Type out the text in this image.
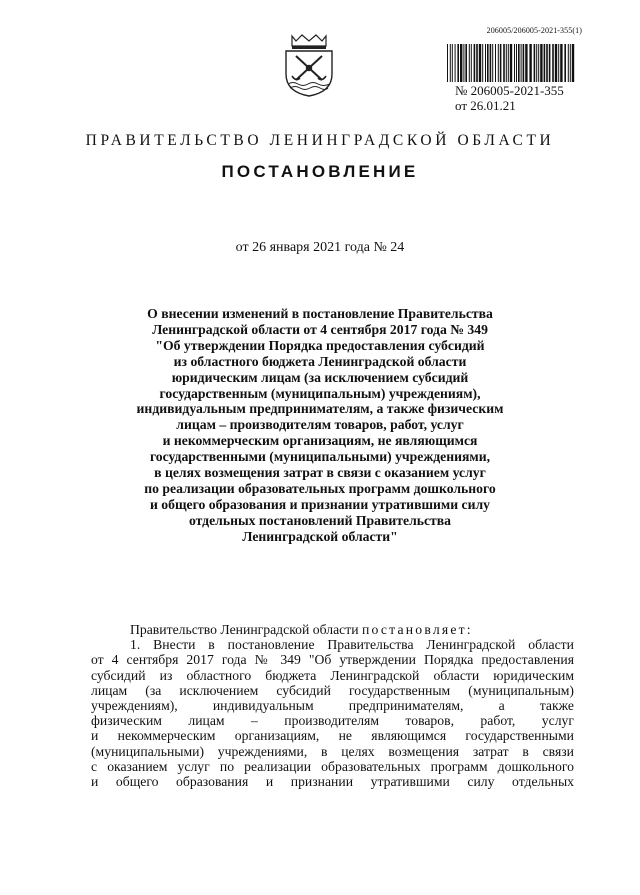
206005/206005-2021-355(1)
№ 206005-2021-355
от 26.01.21
ПРАВИТЕЛЬСТВО ЛЕНИНГРАДСКОЙ ОБЛАСТИ
ПОСТАНОВЛЕНИЕ
от 26 января 2021 года № 24
О внесении изменений в постановление Правительства
Ленинградской области от 4 сентября 2017 года № 349
"Об утверждении Порядка предоставления субсидий
из областного бюджета Ленинградской области
юридическим лицам (за исключением субсидий
государственным (муниципальным) учреждениям),
индивидуальным предпринимателям, а также физическим
лицам – производителям товаров, работ, услуг
и некоммерческим организациям, не являющимся
государственными (муниципальными) учреждениями,
в целях возмещения затрат в связи с оказанием услуг
по реализации образовательных программ дошкольного
и общего образования и признании утратившими силу
отдельных постановлений Правительства
Ленинградской области"
Правительство Ленинградской области постановляет:
1. Внести в постановление Правительства Ленинградской области
от 4 сентября 2017 года № 349 "Об утверждении Порядка предоставления
субсидий из областного бюджета Ленинградской области юридическим
лицам (за исключением субсидий государственным (муниципальным)
учреждениям), индивидуальным предпринимателям, а также
физическим лицам – производителям товаров, работ, услуг
и некоммерческим организациям, не являющимся государственными
(муниципальными) учреждениями, в целях возмещения затрат в связи
с оказанием услуг по реализации образовательных программ дошкольного
и общего образования и признании утратившими силу отдельных
